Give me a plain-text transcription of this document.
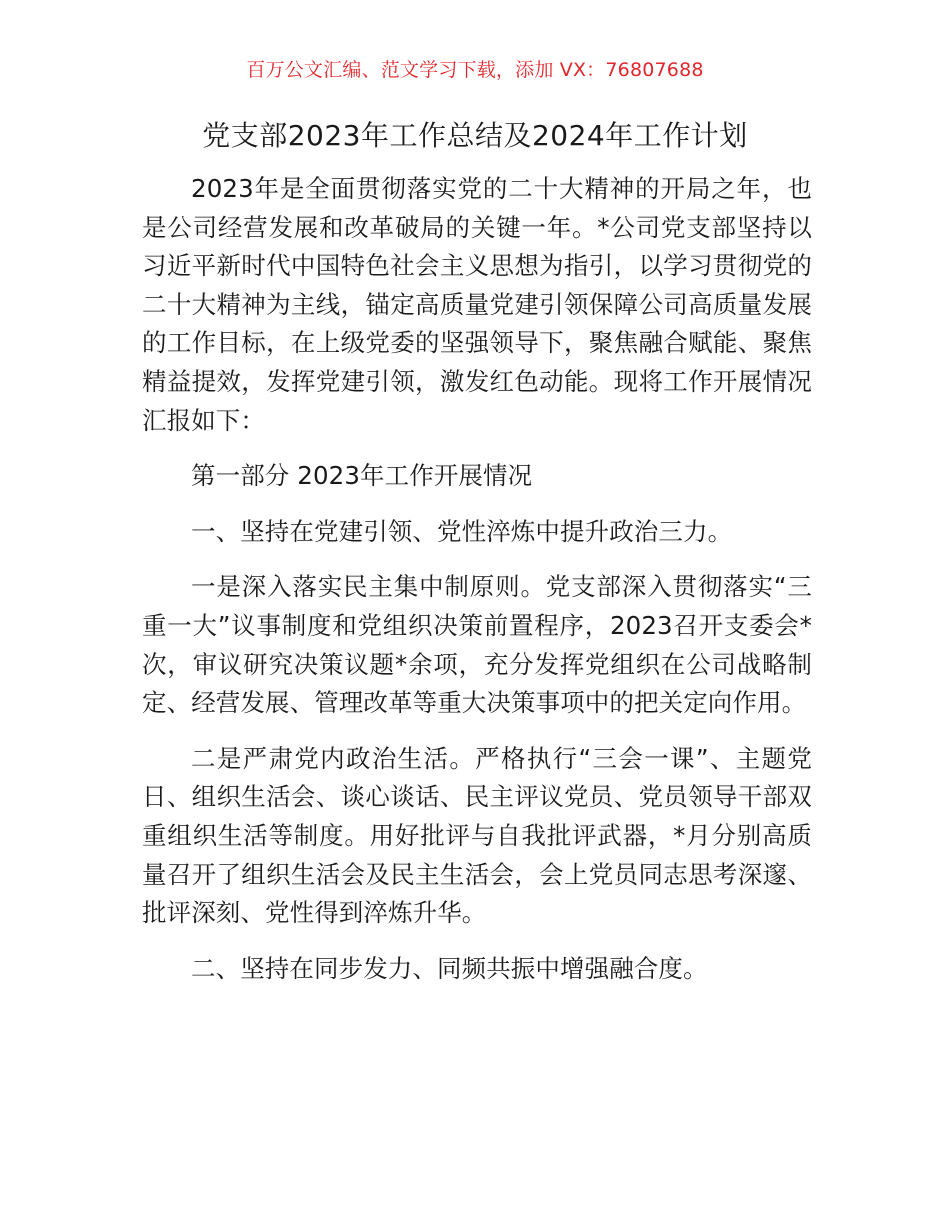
百万公文汇编、范文学习下载，添加 VX：76807688
党支部2023年工作总结及2024年工作计划

2023年是全面贯彻落实党的二十大精神的开局之年，也是公司经营发展和改革破局的关键一年。*公司党支部坚持以习近平新时代中国特色社会主义思想为指引，以学习贯彻党的二十大精神为主线，锚定高质量党建引领保障公司高质量发展的工作目标，在上级党委的坚强领导下，聚焦融合赋能、聚焦精益提效，发挥党建引领，激发红色动能。现将工作开展情况汇报如下：

第一部分 2023年工作开展情况

一、坚持在党建引领、党性淬炼中提升政治三力。

一是深入落实民主集中制原则。党支部深入贯彻落实“三重一大”议事制度和党组织决策前置程序，2023召开支委会*次，审议研究决策议题*余项，充分发挥党组织在公司战略制定、经营发展、管理改革等重大决策事项中的把关定向作用。

二是严肃党内政治生活。严格执行“三会一课”、主题党日、组织生活会、谈心谈话、民主评议党员、党员领导干部双重组织生活等制度。用好批评与自我批评武器，*月分别高质量召开了组织生活会及民主生活会，会上党员同志思考深邃、批评深刻、党性得到淬炼升华。

二、坚持在同步发力、同频共振中增强融合度。
